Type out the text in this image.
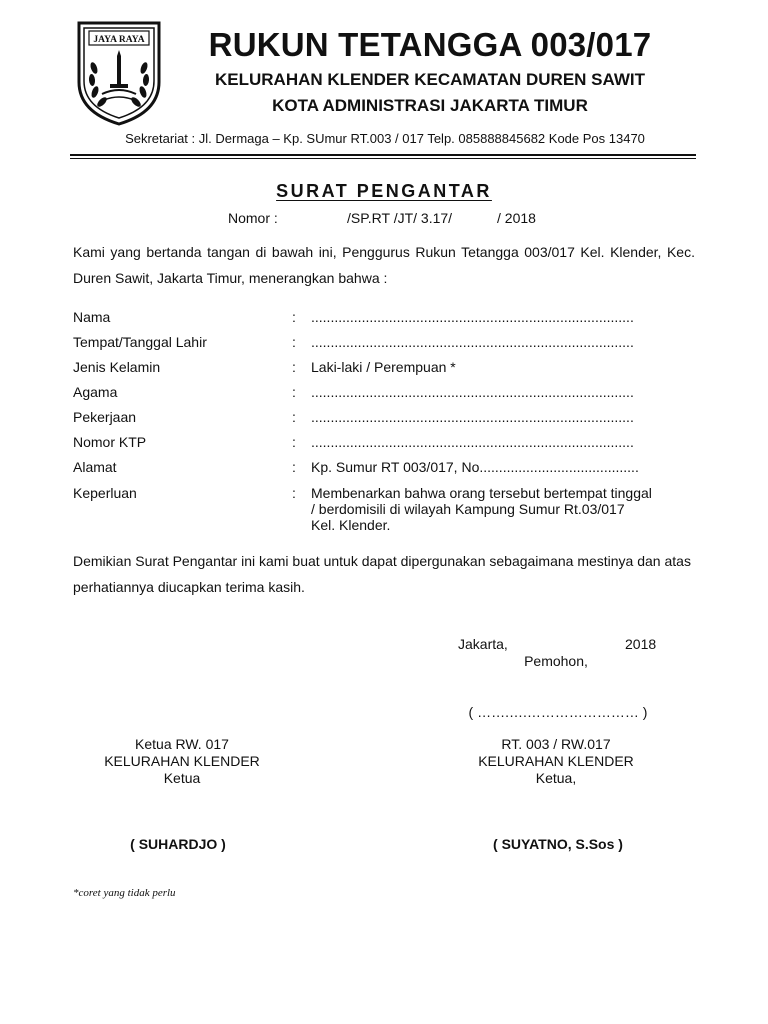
JAYA RAYA	RUKUN TETANGGA 003/017
KELURAHAN KLENDER KECAMATAN DUREN SAWIT
KOTA ADMINISTRASI JAKARTA TIMUR
Sekretariat : Jl. Dermaga – Kp. SUmur RT.003 / 017 Telp. 085888845682 Kode Pos 13470
SURAT PENGANTAR
Nomor :	/SP.RT /JT/ 3.17/	/ 2018
Kami yang bertanda tangan di bawah ini, Penggurus Rukun Tetangga 003/017 Kel. Klender, Kec. Duren Sawit, Jakarta Timur, menerangkan bahwa :
Nama	: ...................................................................................
Tempat/Tanggal Lahir	: ...................................................................................
Jenis Kelamin	: Laki-laki / Perempuan *
Agama	: ...................................................................................
Pekerjaan	: ...................................................................................
Nomor KTP	: ...................................................................................
Alamat	: Kp. Sumur RT 003/017, No.........................................
Keperluan	: Membenarkan bahwa orang tersebut bertempat tinggal
/ berdomisili di wilayah Kampung Sumur Rt.03/017
Kel. Klender.
Demikian Surat Pengantar ini kami buat untuk dapat dipergunakan sebagaimana mestinya dan atas perhatiannya diucapkan terima kasih.
Jakarta,	2018
Pemohon,
( …….….…………………… )
Ketua RW. 017
KELURAHAN KLENDER
Ketua
( SUHARDJO )
RT. 003 / RW.017
KELURAHAN KLENDER
Ketua,
( SUYATNO, S.Sos )
*coret yang tidak perlu
